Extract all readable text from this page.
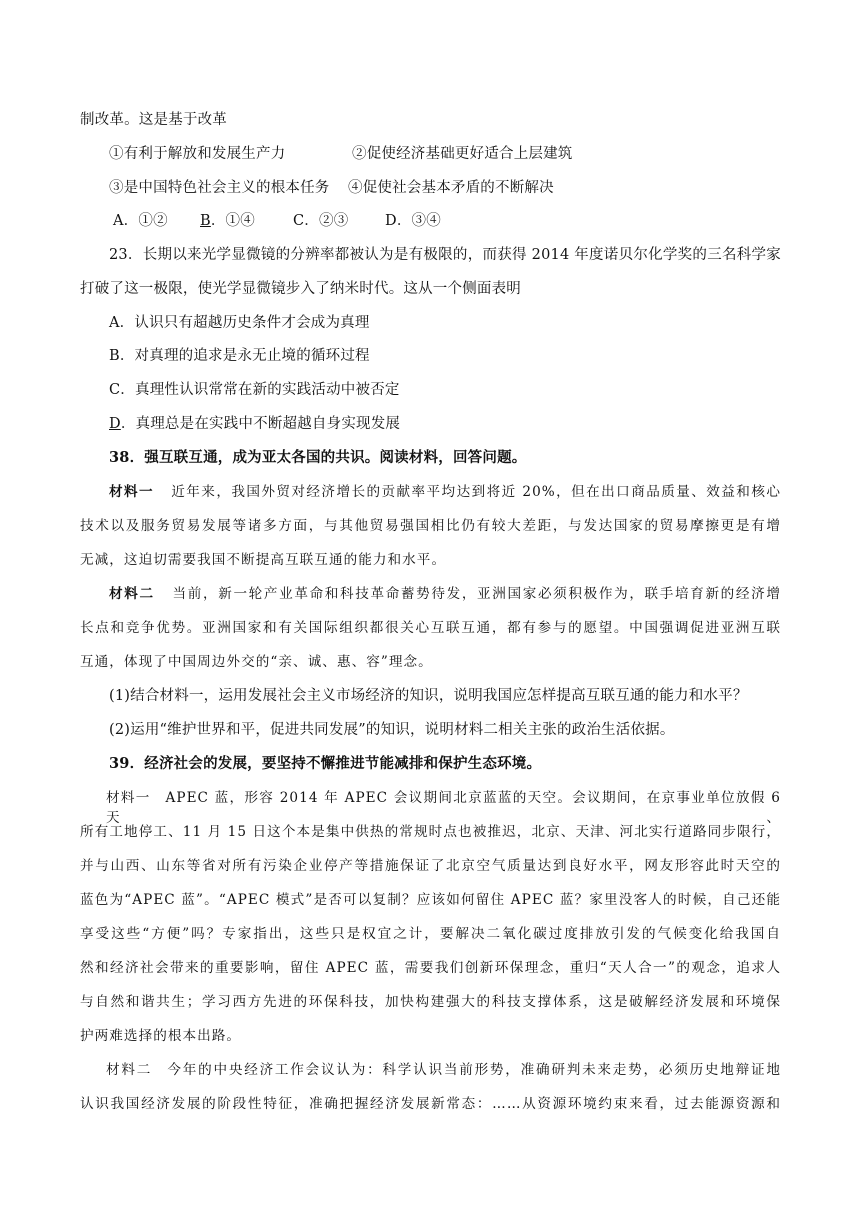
制改革。这是基于改革
①有利于解放和发展生产力	②促使经济基础更好适合上层建筑
③是中国特色社会主义的根本任务 ④促使社会基本矛盾的不断解决
A．①② B．①④	C．②③	D．③④
23．长期以来光学显微镜的分辨率都被认为是有极限的，而获得 2014 年度诺贝尔化学奖的三名科学家
打破了这一极限，使光学显微镜步入了纳米时代。这从一个侧面表明
A．认识只有超越历史条件才会成为真理
B．对真理的追求是永无止境的循环过程
C．真理性认识常常在新的实践活动中被否定
D．真理总是在实践中不断超越自身实现发展
38．强互联互通，成为亚太各国的共识。阅读材料，回答问题。
材料一 近年来，我国外贸对经济增长的贡献率平均达到将近 20%，但在出口商品质量、效益和核心
技术以及服务贸易发展等诸多方面，与其他贸易强国相比仍有较大差距，与发达国家的贸易摩擦更是有增
无减，这迫切需要我国不断提高互联互通的能力和水平。
材料二 当前，新一轮产业革命和科技革命蓄势待发，亚洲国家必须积极作为，联手培育新的经济增
长点和竞争优势。亚洲国家和有关国际组织都很关心互联互通，都有参与的愿望。中国强调促进亚洲互联
互通，体现了中国周边外交的“亲、诚、惠、容”理念。
(1)结合材料一，运用发展社会主义市场经济的知识，说明我国应怎样提高互联互通的能力和水平？
(2)运用“维护世界和平，促进共同发展”的知识，说明材料二相关主张的政治生活依据。
39．经济社会的发展，要坚持不懈推进节能减排和保护生态环境。
材料一　APEC 蓝，形容 2014 年 APEC 会议期间北京蓝蓝的天空。会议期间，在京事业单位放假 6 天、
所有工地停工、11 月 15 日这个本是集中供热的常规时点也被推迟，北京、天津、河北实行道路同步限行，
并与山西、山东等省对所有污染企业停产等措施保证了北京空气质量达到良好水平，网友形容此时天空的
蓝色为“APEC 蓝”。“APEC 模式”是否可以复制？应该如何留住 APEC 蓝？家里没客人的时候，自己还能
享受这些“方便”吗？专家指出，这些只是权宜之计，要解决二氧化碳过度排放引发的气候变化给我国自
然和经济社会带来的重要影响，留住 APEC 蓝，需要我们创新环保理念，重归“天人合一”的观念，追求人
与自然和谐共生；学习西方先进的环保科技，加快构建强大的科技支撑体系，这是破解经济发展和环境保
护两难选择的根本出路。
材料二　今年的中央经济工作会议认为：科学认识当前形势，准确研判未来走势，必须历史地辩证地
认识我国经济发展的阶段性特征，准确把握经济发展新常态：……从资源环境约束来看，过去能源资源和
